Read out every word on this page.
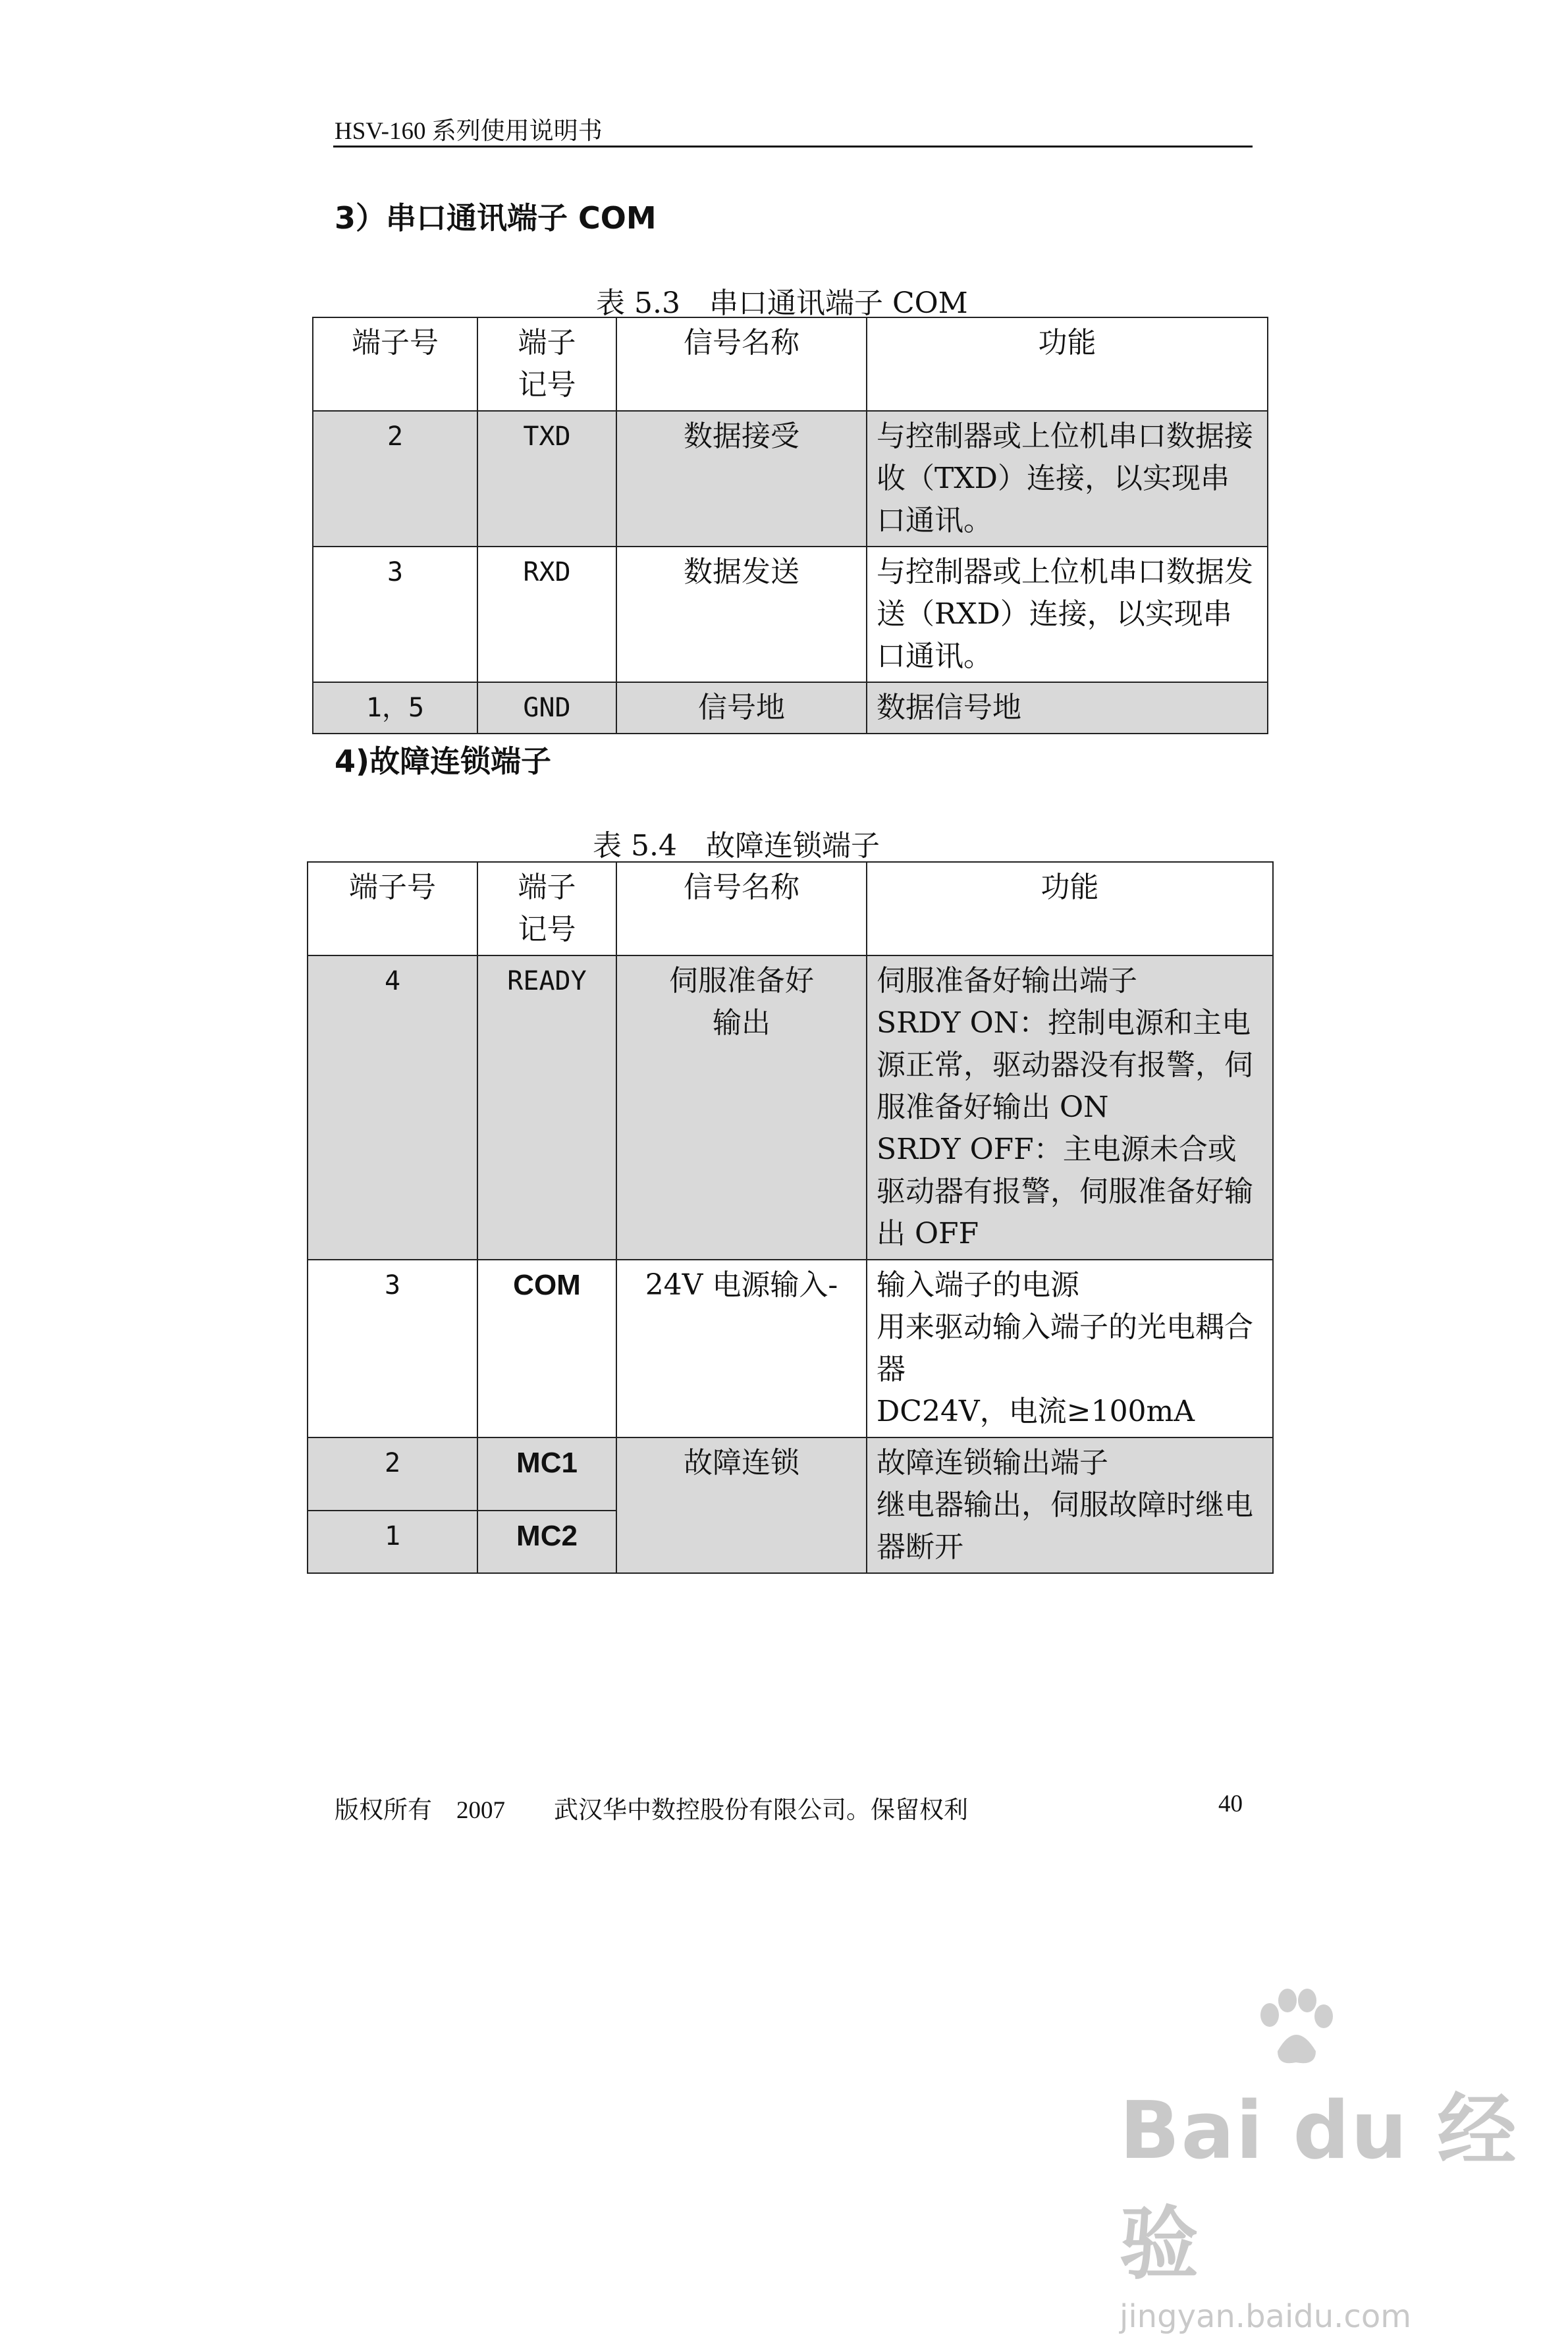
HSV-160 系列使用说明书
3）串口通讯端子 COM
表 5.3　串口通讯端子 COM
端子号	端子记号	信号名称	功能
2	TXD	数据接受	与控制器或上位机串口数据接收（TXD）连接，以实现串口通讯。
3	RXD	数据发送	与控制器或上位机串口数据发送（RXD）连接，以实现串口通讯。
1，5	GND	信号地	数据信号地
4)故障连锁端子
表 5.4　故障连锁端子
端子号	端子记号	信号名称	功能
4	READY	伺服准备好输出	伺服准备好输出端子
SRDY ON：控制电源和主电源正常，驱动器没有报警，伺服准备好输出 ON
SRDY OFF：主电源未合或驱动器有报警，伺服准备好输出 OFF
3	COM	24V 电源输入-	输入端子的电源
用来驱动输入端子的光电耦合器
DC24V，电流≥100mA
2	MC1	故障连锁	故障连锁输出端子
继电器输出，伺服故障时继电器断开
1	MC2		
版权所有　2007　　武汉华中数控股份有限公司。保留权利	40
Bai du 经验
jingyan.baidu.com
